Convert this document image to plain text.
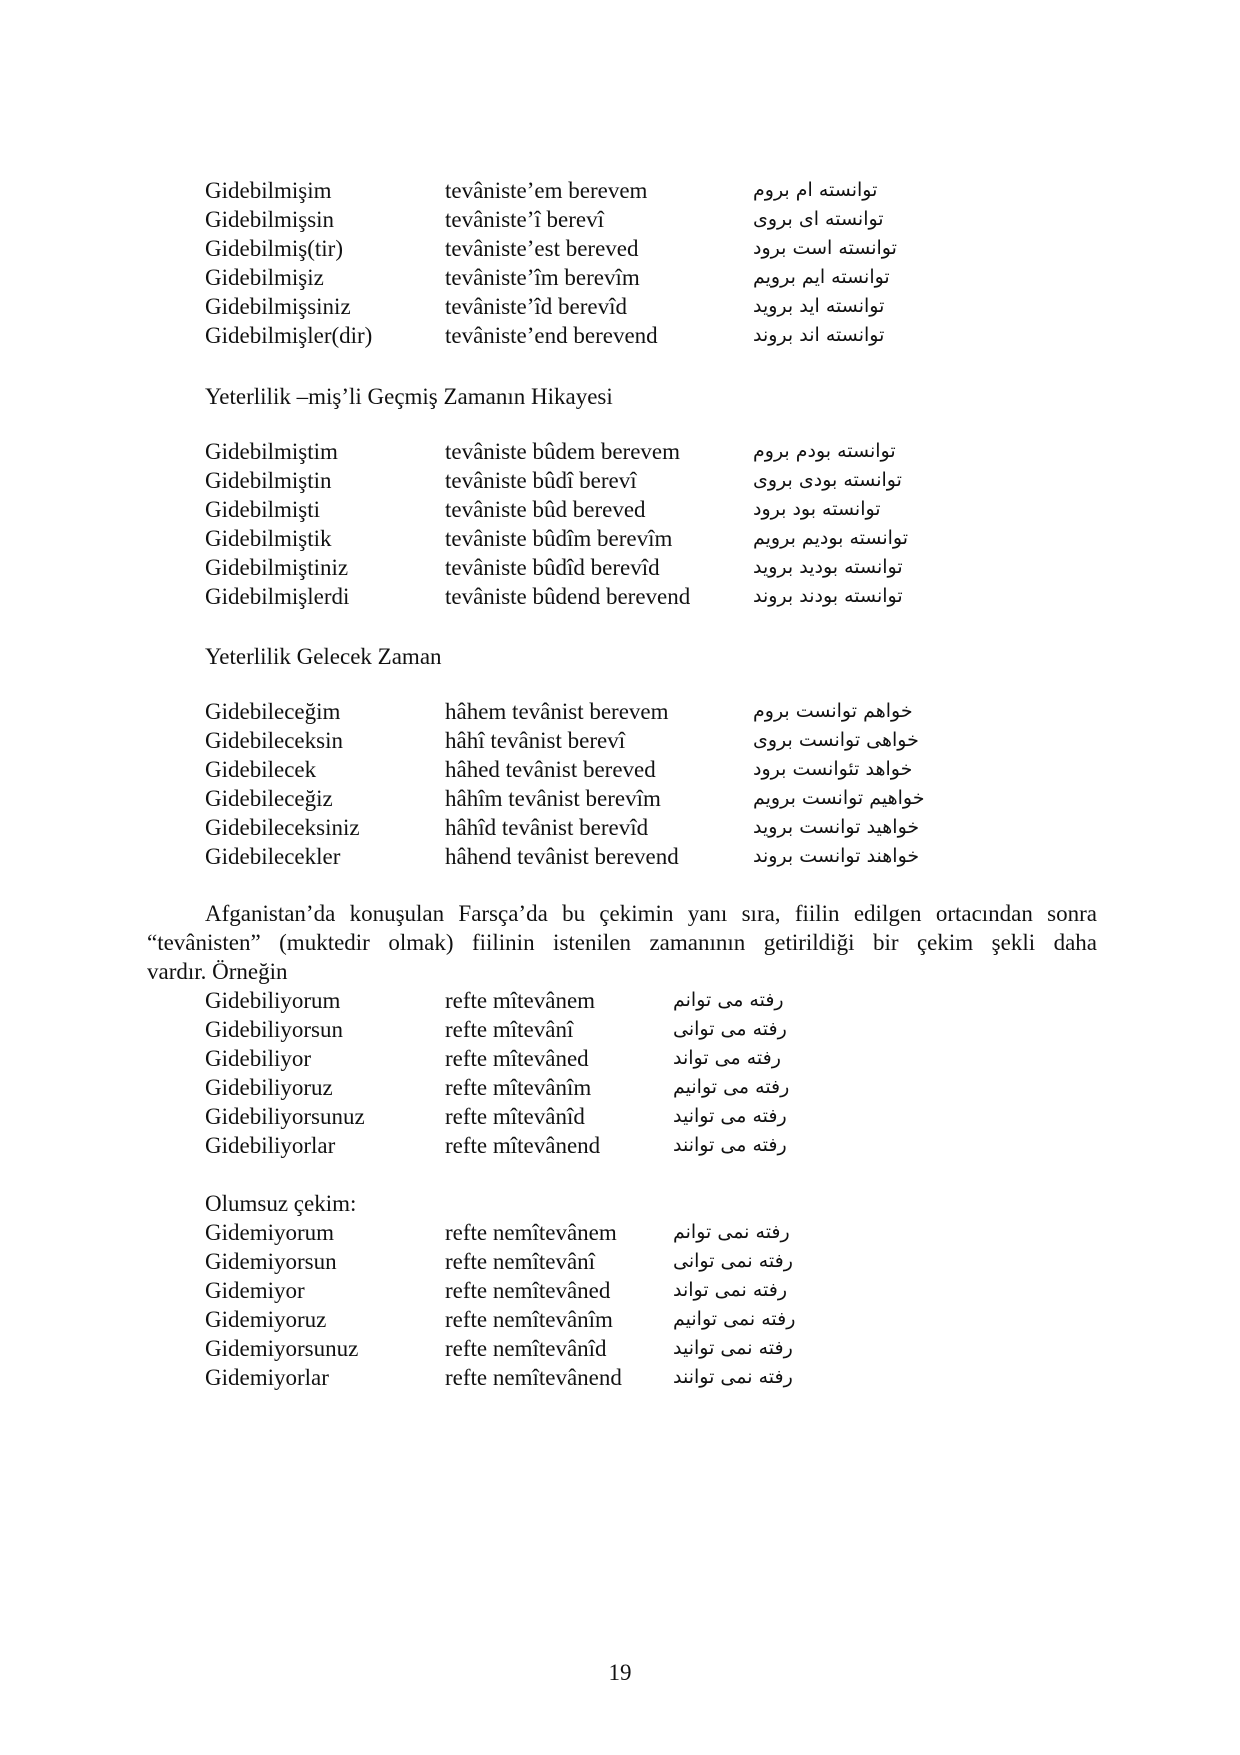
Gidebilmişim	tevâniste’em berevem	توانسته ام بروم
Gidebilmişsin	tevâniste’î berevî	توانسته ای بروی
Gidebilmiş(tir)	tevâniste’est bereved	توانسته است برود
Gidebilmişiz	tevâniste’îm berevîm	توانسته ایم برویم
Gidebilmişsiniz	tevâniste’îd berevîd	توانسته اید بروید
Gidebilmişler(dir)	tevâniste’end berevend	توانسته اند بروند
Yeterlilik –miş’li Geçmiş Zamanın Hikayesi
Gidebilmiştim	tevâniste bûdem berevem	توانسته بودم بروم
Gidebilmiştin	tevâniste bûdî berevî	توانسته بودی بروی
Gidebilmişti	tevâniste bûd bereved	توانسته بود برود
Gidebilmiştik	tevâniste bûdîm berevîm	توانسته بودیم برویم
Gidebilmiştiniz	tevâniste bûdîd berevîd	توانسته بودید بروید
Gidebilmişlerdi	tevâniste bûdend berevend	توانسته بودند بروند
Yeterlilik Gelecek Zaman
Gidebileceğim	hâhem tevânist berevem	خواهم توانست بروم
Gidebileceksin	hâhî tevânist berevî	خواهی توانست بروی
Gidebilecek	hâhed tevânist bereved	خواهد تئوانست برود
Gidebileceğiz	hâhîm tevânist berevîm	خواهیم توانست برویم
Gidebileceksiniz	hâhîd tevânist berevîd	خواهید توانست بروید
Gidebilecekler	hâhend tevânist berevend	خواهند توانست بروند
Afganistan’da konuşulan Farsça’da bu çekimin yanı sıra, fiilin edilgen ortacından sonra
“tevânisten” (muktedir olmak) fiilinin istenilen zamanının getirildiği bir çekim şekli daha
vardır. Örneğin
Gidebiliyorum	refte mîtevânem	رفته می توانم
Gidebiliyorsun	refte mîtevânî	رفته می توانی
Gidebiliyor	refte mîtevâned	رفته می تواند
Gidebiliyoruz	refte mîtevânîm	رفته می توانیم
Gidebiliyorsunuz	refte mîtevânîd	رفته می توانید
Gidebiliyorlar	refte mîtevânend	رفته می توانند
Olumsuz çekim:
Gidemiyorum	refte nemîtevânem	رفته نمی توانم
Gidemiyorsun	refte nemîtevânî	رفته نمی توانی
Gidemiyor	refte nemîtevâned	رفته نمی تواند
Gidemiyoruz	refte nemîtevânîm	رفته نمی توانیم
Gidemiyorsunuz	refte nemîtevânîd	رفته نمی توانید
Gidemiyorlar	refte nemîtevânend	رفته نمی توانند
19
